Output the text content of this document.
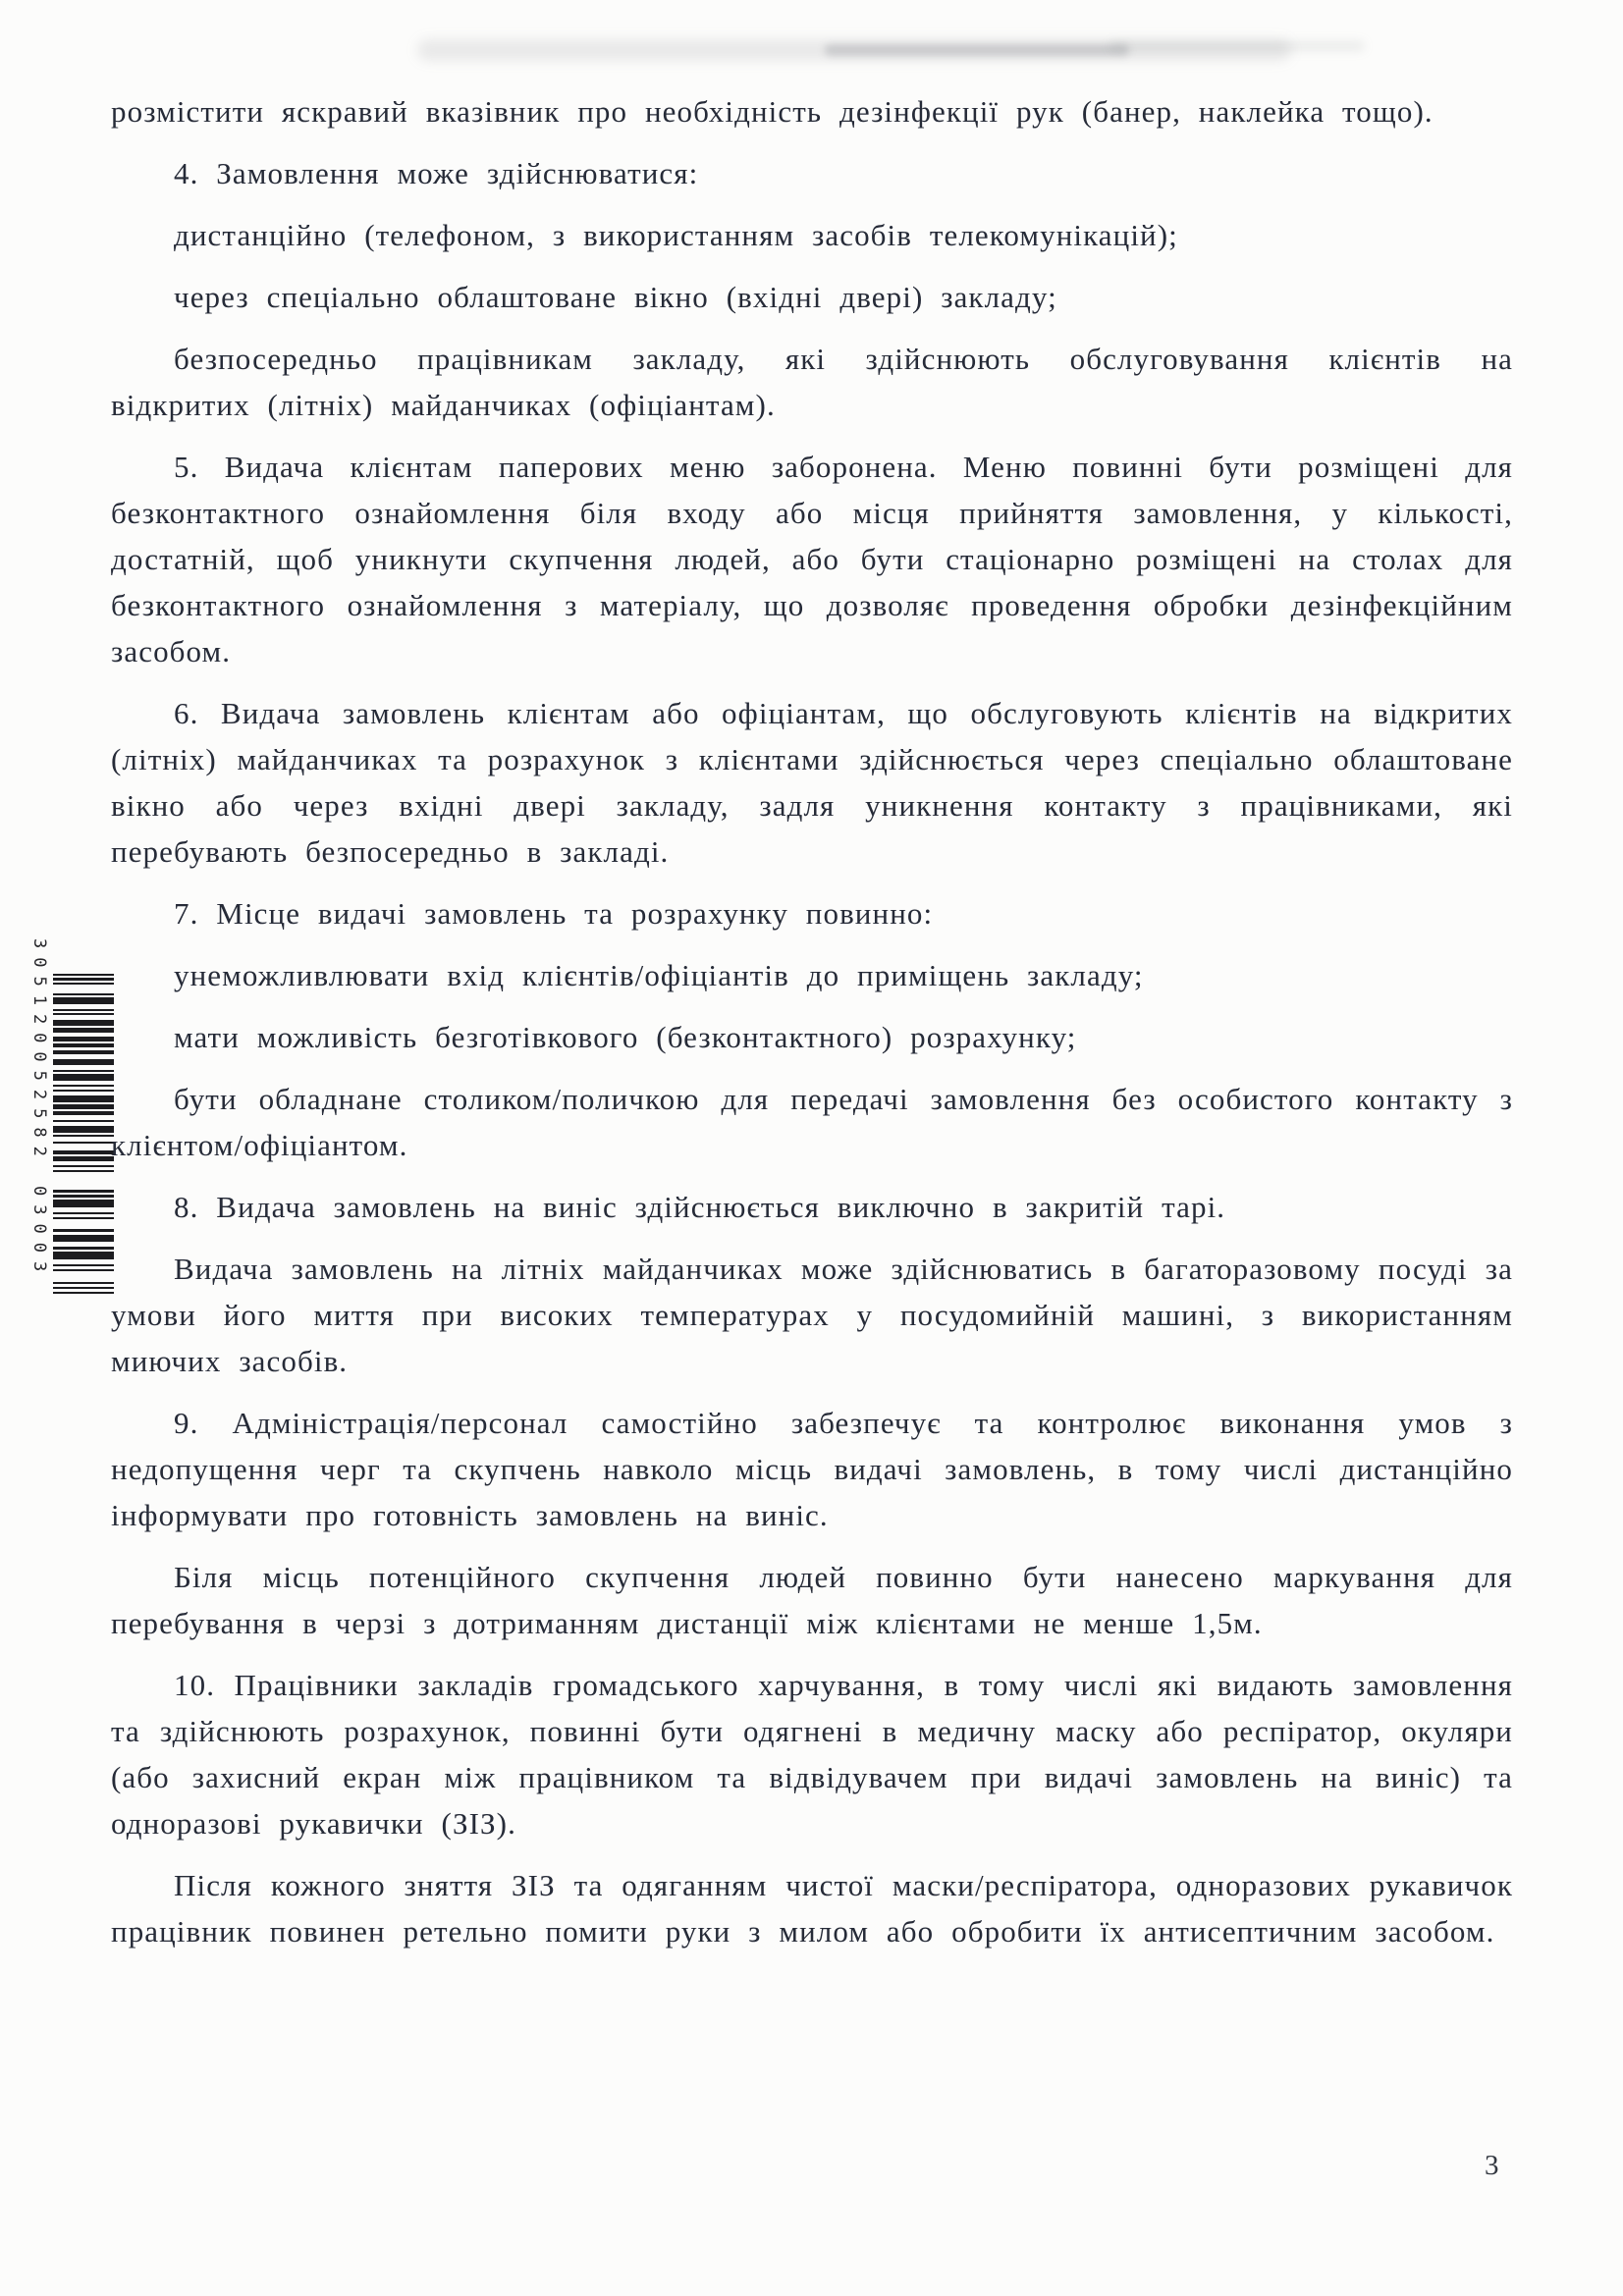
305120052582
03003

розмістити яскравий вказівник про необхідність дезінфекції рук (банер, наклейка тощо).

4. Замовлення може здійснюватися:

дистанційно (телефоном, з використанням засобів телекомунікацій);

через спеціально облаштоване вікно (вхідні двері) закладу;

безпосередньо працівникам закладу, які здійснюють обслуговування клієнтів на відкритих (літніх) майданчиках (офіціантам).

5. Видача клієнтам паперових меню заборонена. Меню повинні бути розміщені для безконтактного ознайомлення біля входу або місця прийняття замовлення, у кількості, достатній, щоб уникнути скупчення людей, або бути стаціонарно розміщені на столах для безконтактного ознайомлення з матеріалу, що дозволяє проведення обробки дезінфекційним засобом.

6. Видача замовлень клієнтам або офіціантам, що обслуговують клієнтів на відкритих (літніх) майданчиках та розрахунок з клієнтами здійснюється через спеціально облаштоване вікно або через вхідні двері закладу, задля уникнення контакту з працівниками, які перебувають безпосередньо в закладі.

7. Місце видачі замовлень та розрахунку повинно:

унеможливлювати вхід клієнтів/офіціантів до приміщень закладу;

мати можливість безготівкового (безконтактного) розрахунку;

бути обладнане столиком/поличкою для передачі замовлення без особистого контакту з клієнтом/офіціантом.

8. Видача замовлень на виніс здійснюється виключно в закритій тарі.

Видача замовлень на літніх майданчиках може здійснюватись в багаторазовому посуді за умови його миття при високих температурах у посудомийній машині, з використанням миючих засобів.

9. Адміністрація/персонал самостійно забезпечує та контролює виконання умов з недопущення черг та скупчень навколо місць видачі замовлень, в тому числі дистанційно інформувати про готовність замовлень на виніс.

Біля місць потенційного скупчення людей повинно бути нанесено маркування для перебування в черзі з дотриманням дистанції між клієнтами не менше 1,5м.

10. Працівники закладів громадського харчування, в тому числі які видають замовлення та здійснюють розрахунок, повинні бути одягнені в медичну маску або респіратор, окуляри (або захисний екран між працівником та відвідувачем при видачі замовлень на виніс) та одноразові рукавички (ЗІЗ).

Після кожного зняття ЗІЗ та одяганням чистої маски/респіратора, одноразових рукавичок працівник повинен ретельно помити руки з милом або обробити їх антисептичним засобом.

3
